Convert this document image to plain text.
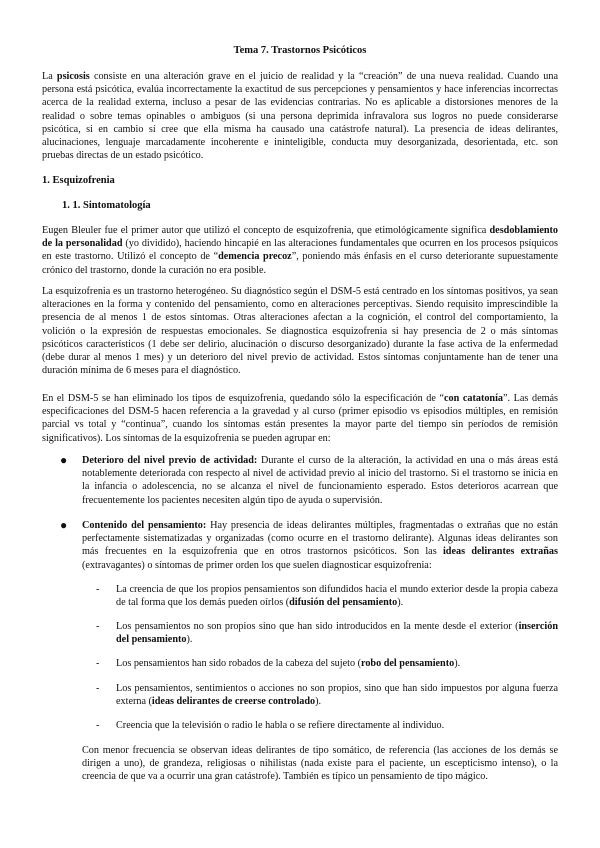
Tema 7. Trastornos Psicóticos

La psicosis consiste en una alteración grave en el juicio de realidad y la “creación” de una nueva realidad. Cuando una persona está psicótica, evalúa incorrectamente la exactitud de sus percepciones y pensamientos y hace inferencias incorrectas acerca de la realidad externa, incluso a pesar de las evidencias contrarias. No es aplicable a distorsiones menores de la realidad o sobre temas opinables o ambiguos (si una persona deprimida infravalora sus logros no puede considerarse psicótica, si en cambio sí cree que ella misma ha causado una catástrofe natural). La presencia de ideas delirantes, alucinaciones, lenguaje marcadamente incoherente e ininteligible, conducta muy desorganizada, desorientada, etc. son pruebas directas de un estado psicótico.

1. Esquizofrenia
1. 1. Sintomatología

Eugen Bleuler fue el primer autor que utilizó el concepto de esquizofrenia, que etimológicamente significa desdoblamiento de la personalidad (yo dividido), haciendo hincapié en las alteraciones fundamentales que ocurren en los procesos psíquicos en este trastorno. Utilizó el concepto de “demencia precoz”, poniendo más énfasis en el curso deteriorante supuestamente crónico del trastorno, donde la curación no era posible.

La esquizofrenia es un trastorno heterogéneo. Su diagnóstico según el DSM-5 está centrado en los síntomas positivos, ya sean alteraciones en la forma y contenido del pensamiento, como en alteraciones perceptivas. Siendo requisito imprescindible la presencia de al menos 1 de estos síntomas. Otras alteraciones afectan a la cognición, el control del comportamiento, la volición o la expresión de respuestas emocionales. Se diagnostica esquizofrenia si hay presencia de 2 o más síntomas psicóticos característicos (1 debe ser delirio, alucinación o discurso desorganizado) durante la fase activa de la enfermedad (debe durar al menos 1 mes) y un deterioro del nivel previo de actividad. Estos síntomas conjuntamente han de tener una duración mínima de 6 meses para el diagnóstico.

En el DSM-5 se han eliminado los tipos de esquizofrenia, quedando sólo la especificación de “con catatonía”. Las demás especificaciones del DSM-5 hacen referencia a la gravedad y al curso (primer episodio vs episodios múltiples, en remisión parcial vs total y “continua”, cuando los síntomas están presentes la mayor parte del tiempo sin períodos de remisión significativos). Los síntomas de la esquizofrenia se pueden agrupar en:

● Deterioro del nivel previo de actividad: Durante el curso de la alteración, la actividad en una o más áreas está notablemente deteriorada con respecto al nivel de actividad previo al inicio del trastorno. Si el trastorno se inicia en la infancia o adolescencia, no se alcanza el nivel de funcionamiento esperado. Estos deterioros acarrean que frecuentemente los pacientes necesiten algún tipo de ayuda o supervisión.

● Contenido del pensamiento: Hay presencia de ideas delirantes múltiples, fragmentadas o extrañas que no están perfectamente sistematizadas y organizadas (como ocurre en el trastorno delirante). Algunas ideas delirantes son más frecuentes en la esquizofrenia que en otros trastornos psicóticos. Son las ideas delirantes extrañas (extravagantes) o síntomas de primer orden los que suelen diagnosticar esquizofrenia:

- La creencia de que los propios pensamientos son difundidos hacia el mundo exterior desde la propia cabeza de tal forma que los demás pueden oírlos (difusión del pensamiento).

- Los pensamientos no son propios sino que han sido introducidos en la mente desde el exterior (inserción del pensamiento).

- Los pensamientos han sido robados de la cabeza del sujeto (robo del pensamiento).

- Los pensamientos, sentimientos o acciones no son propios, sino que han sido impuestos por alguna fuerza externa (ideas delirantes de creerse controlado).

- Creencia que la televisión o radio le habla o se refiere directamente al individuo.

Con menor frecuencia se observan ideas delirantes de tipo somático, de referencia (las acciones de los demás se dirigen a uno), de grandeza, religiosas o nihilistas (nada existe para el paciente, un escepticismo intenso), o la creencia de que va a ocurrir una gran catástrofe). También es típico un pensamiento de tipo mágico.
